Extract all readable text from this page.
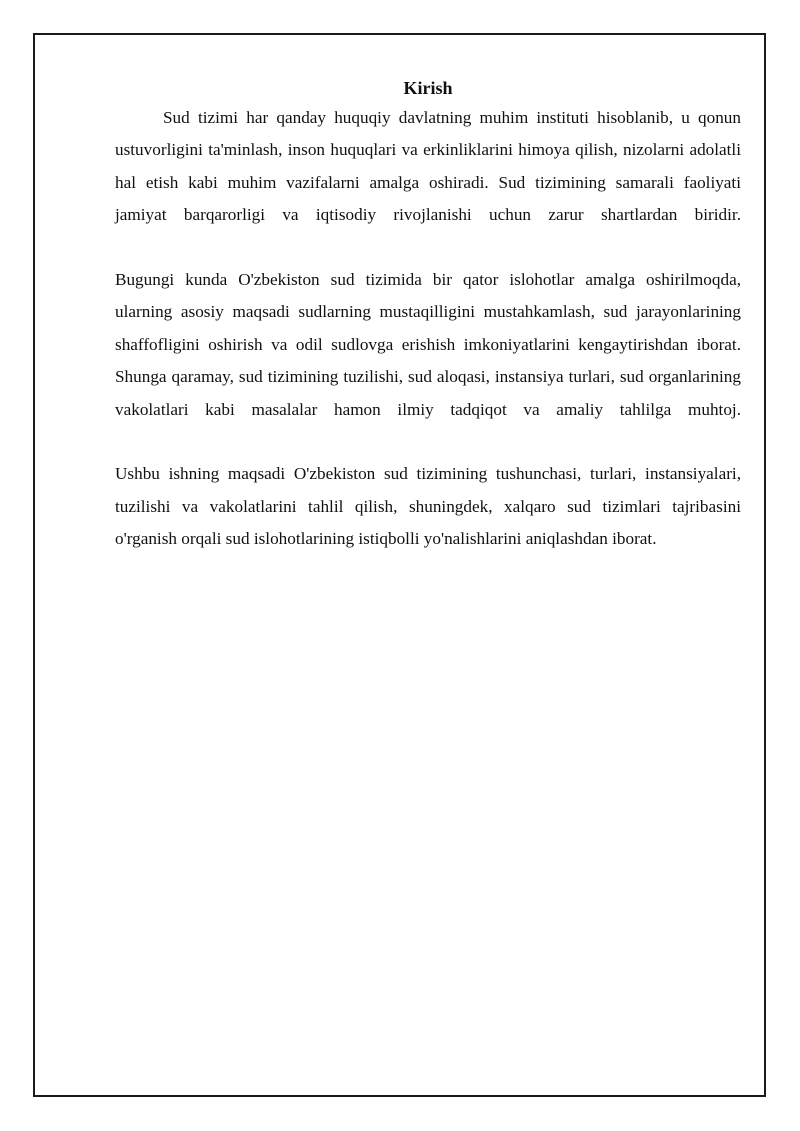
Kirish

Sud tizimi har qanday huquqiy davlatning muhim instituti hisoblanib, u qonun ustuvorligini ta'minlash, inson huquqlari va erkinliklarini himoya qilish, nizolarni adolatli hal etish kabi muhim vazifalarni amalga oshiradi. Sud tizimining samarali faoliyati jamiyat barqarorligi va iqtisodiy rivojlanishi uchun zarur shartlardan biridir.

Bugungi kunda O'zbekiston sud tizimida bir qator islohotlar amalga oshirilmoqda, ularning asosiy maqsadi sudlarning mustaqilligini mustahkamlash, sud jarayonlarining shaffofligini oshirish va odil sudlovga erishish imkoniyatlarini kengaytirishdan iborat. Shunga qaramay, sud tizimining tuzilishi, sud aloqasi, instansiya turlari, sud organlarining vakolatlari kabi masalalar hamon ilmiy tadqiqot va amaliy tahlilga muhtoj.

Ushbu ishning maqsadi O'zbekiston sud tizimining tushunchasi, turlari, instansiyalari, tuzilishi va vakolatlarini tahlil qilish, shuningdek, xalqaro sud tizimlari tajribasini o'rganish orqali sud islohotlarining istiqbolli yo'nalishlarini aniqlashdan iborat.
